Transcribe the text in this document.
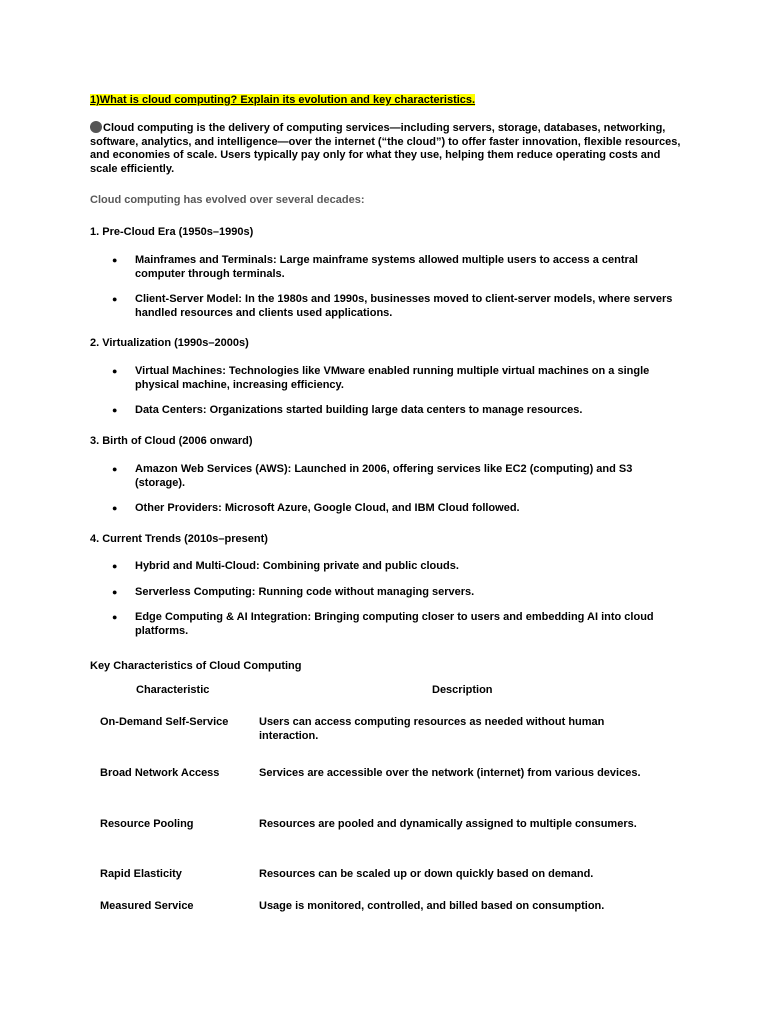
1)What is cloud computing? Explain its evolution and key characteristics.
Cloud computing is the delivery of computing services—including servers, storage, databases, networking, software, analytics, and intelligence—over the internet (“the cloud”) to offer faster innovation, flexible resources, and economies of scale. Users typically pay only for what they use, helping them reduce operating costs and scale efficiently.
Cloud computing has evolved over several decades:

1. Pre-Cloud Era (1950s–1990s)

● Mainframes and Terminals: Large mainframe systems allowed multiple users to access a central computer through terminals.
● Client-Server Model: In the 1980s and 1990s, businesses moved to client-server models, where servers handled resources and clients used applications.

2. Virtualization (1990s–2000s)

● Virtual Machines: Technologies like VMware enabled running multiple virtual machines on a single physical machine, increasing efficiency.
● Data Centers: Organizations started building large data centers to manage resources.

3. Birth of Cloud (2006 onward)

● Amazon Web Services (AWS): Launched in 2006, offering services like EC2 (computing) and S3 (storage).
● Other Providers: Microsoft Azure, Google Cloud, and IBM Cloud followed.

4. Current Trends (2010s–present)

● Hybrid and Multi-Cloud: Combining private and public clouds.
● Serverless Computing: Running code without managing servers.
● Edge Computing & AI Integration: Bringing computing closer to users and embedding AI into cloud platforms.
Key Characteristics of Cloud Computing
Characteristic	Description
On-Demand Self-Service	Users can access computing resources as needed without human interaction.
Broad Network Access	Services are accessible over the network (internet) from various devices.
Resource Pooling	Resources are pooled and dynamically assigned to multiple consumers.
Rapid Elasticity	Resources can be scaled up or down quickly based on demand.
Measured Service	Usage is monitored, controlled, and billed based on consumption.
